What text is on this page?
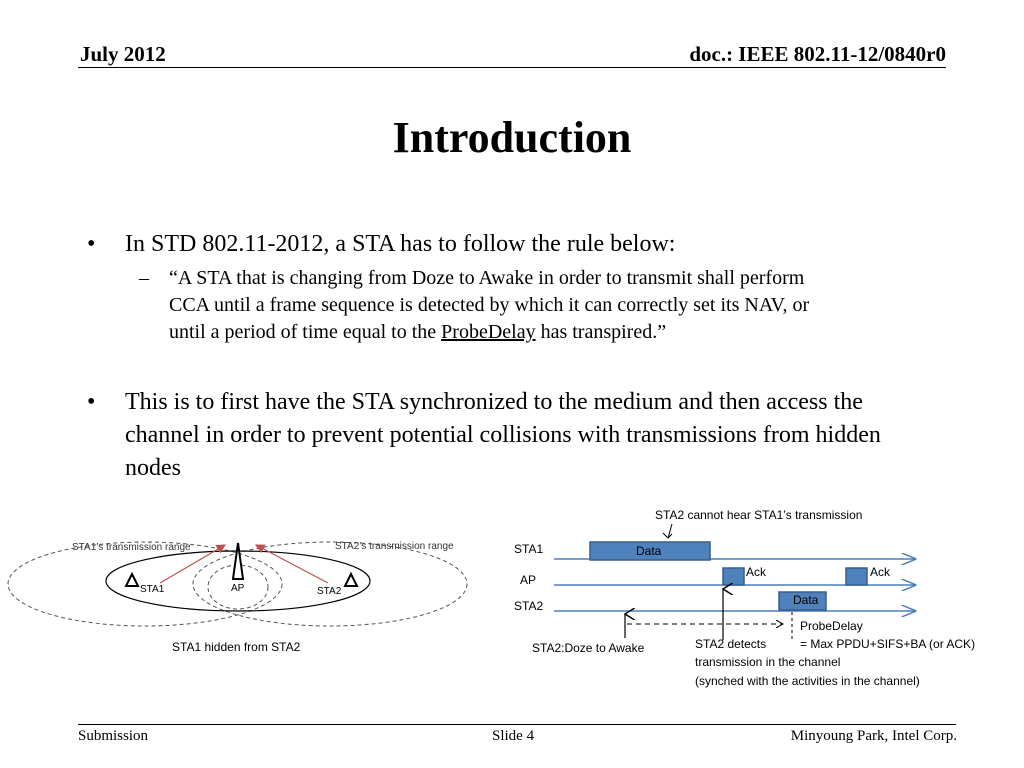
July 2012	doc.: IEEE 802.11-12/0840r0
Introduction
• In STD 802.11-2012, a STA has to follow the rule below:
– “A STA that is changing from Doze to Awake in order to transmit shall perform
CCA until a frame sequence is detected by which it can correctly set its NAV, or
until a period of time equal to the ProbeDelay has transpired.”
• This is to first have the STA synchronized to the medium and then access the channel in order to prevent potential collisions with transmissions from hidden nodes
STA1’s transmission range	STA2’s transmission range
STA1	AP	STA2
STA1 hidden from STA2
STA2 cannot hear STA1’s transmission
STA1
AP
STA2
Data
Ack	Ack
Data
ProbeDelay
= Max PPDU+SIFS+BA (or ACK)
STA2:Doze to Awake	STA2 detects
transmission in the channel
(synched with the activities in the channel)
Submission	Slide 4	Minyoung Park, Intel Corp.
